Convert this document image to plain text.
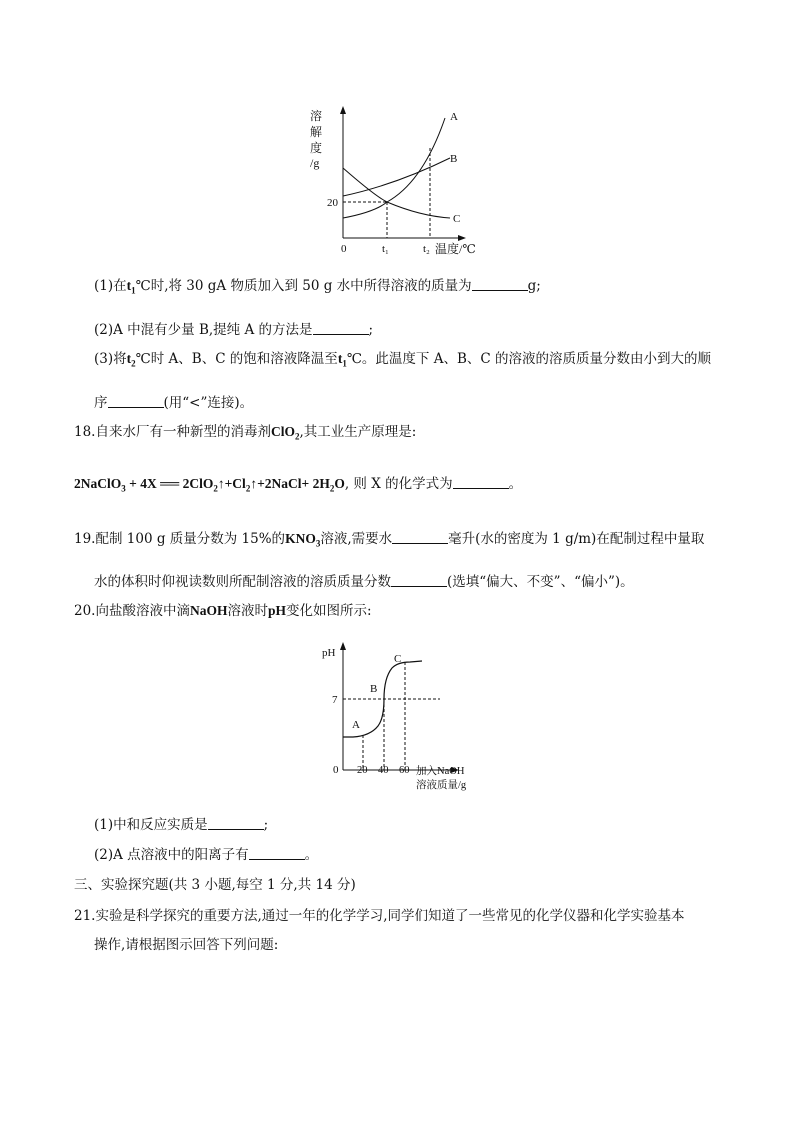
溶
解
度
/g
A
B
C
20
0	t₁	t₂ 温度/℃
(1)在$t_1℃$时,将 30 gA 物质加入到 50 g 水中所得溶液的质量为	g;
(2)A 中混有少量 B,提纯 A 的方法是	;
(3)将$t_2℃$时 A、B、C 的饱和溶液降温至$t_1℃$。此温度下 A、B、C 的溶液的溶质质量分数由小到大的顺
序	(用“<”连接)。
18.自来水厂有一种新型的消毒剂ClO$_2$,其工业生产原理是:
2NaClO$_3$ + 4X ══ $2ClO_2↑+Cl_2↑+2NaCl+ 2H_2O$, 则 X 的化学式为	。
19.配制 100 g 质量分数为 15%的$KNO_3$溶液,需要水	毫升(水的密度为 1 g/m)在配制过程中量取
水的体积时仰视读数则所配制溶液的溶质质量分数	(选填“偏大、不变”、“偏小”)。
20.向盐酸溶液中滴NaOH溶液时pH变化如图所示:
pH
A
B
C
7
0 20 40 60 加入NaOH
溶液质量/g
(1)中和反应实质是	;
(2)A 点溶液中的阳离子有	。
三、实验探究题(共 3 小题,每空 1 分,共 14 分)
21.实验是科学探究的重要方法,通过一年的化学学习,同学们知道了一些常见的化学仪器和化学实验基本
操作,请根据图示回答下列问题:
